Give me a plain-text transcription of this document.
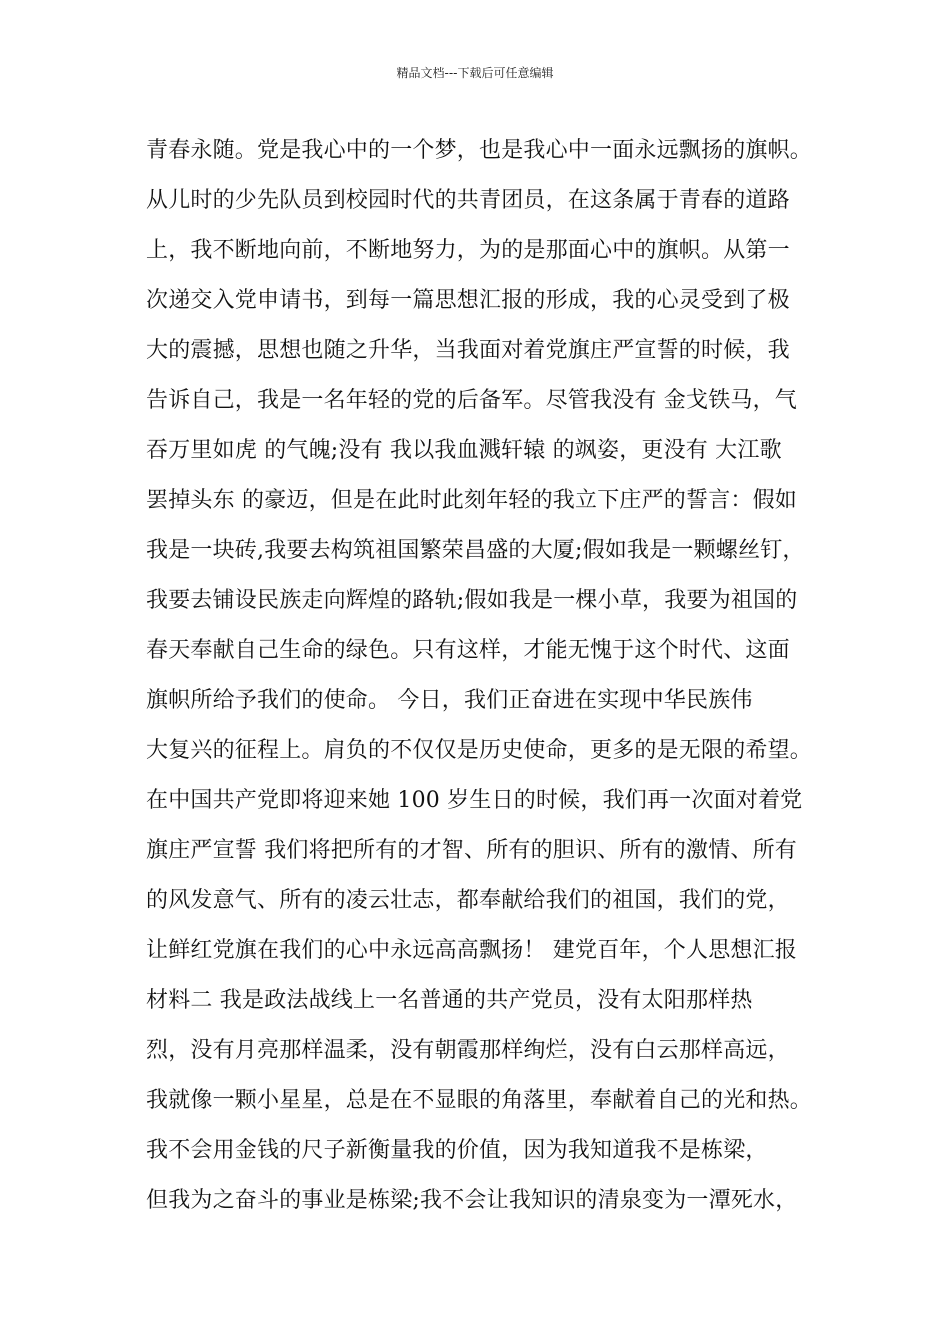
精品文档---下载后可任意编辑
青春永随。党是我心中的一个梦，也是我心中一面永远飘扬的旗帜。
从儿时的少先队员到校园时代的共青团员，在这条属于青春的道路
上，我不断地向前，不断地努力，为的是那面心中的旗帜。从第一
次递交入党申请书，到每一篇思想汇报的形成，我的心灵受到了极
大的震撼，思想也随之升华，当我面对着党旗庄严宣誓的时候，我
告诉自己，我是一名年轻的党的后备军。尽管我没有 金戈铁马，气
吞万里如虎 的气魄;没有 我以我血溅轩辕 的飒姿，更没有 大江歌
罢掉头东 的豪迈，但是在此时此刻年轻的我立下庄严的誓言：假如
我是一块砖,我要去构筑祖国繁荣昌盛的大厦;假如我是一颗螺丝钉，
我要去铺设民族走向辉煌的路轨;假如我是一棵小草，我要为祖国的
春天奉献自己生命的绿色。只有这样，才能无愧于这个时代、这面
旗帜所给予我们的使命。 今日，我们正奋进在实现中华民族伟
大复兴的征程上。肩负的不仅仅是历史使命，更多的是无限的希望。
在中国共产党即将迎来她 100 岁生日的时候，我们再一次面对着党
旗庄严宣誓 我们将把所有的才智、所有的胆识、所有的激情、所有
的风发意气、所有的凌云壮志，都奉献给我们的祖国，我们的党，
让鲜红党旗在我们的心中永远高高飘扬！ 建党百年，个人思想汇报
材料二 我是政法战线上一名普通的共产党员，没有太阳那样热
烈，没有月亮那样温柔，没有朝霞那样绚烂，没有白云那样高远，
我就像一颗小星星，总是在不显眼的角落里，奉献着自己的光和热。
我不会用金钱的尺子新衡量我的价值，因为我知道我不是栋梁，
但我为之奋斗的事业是栋梁;我不会让我知识的清泉变为一潭死水，
